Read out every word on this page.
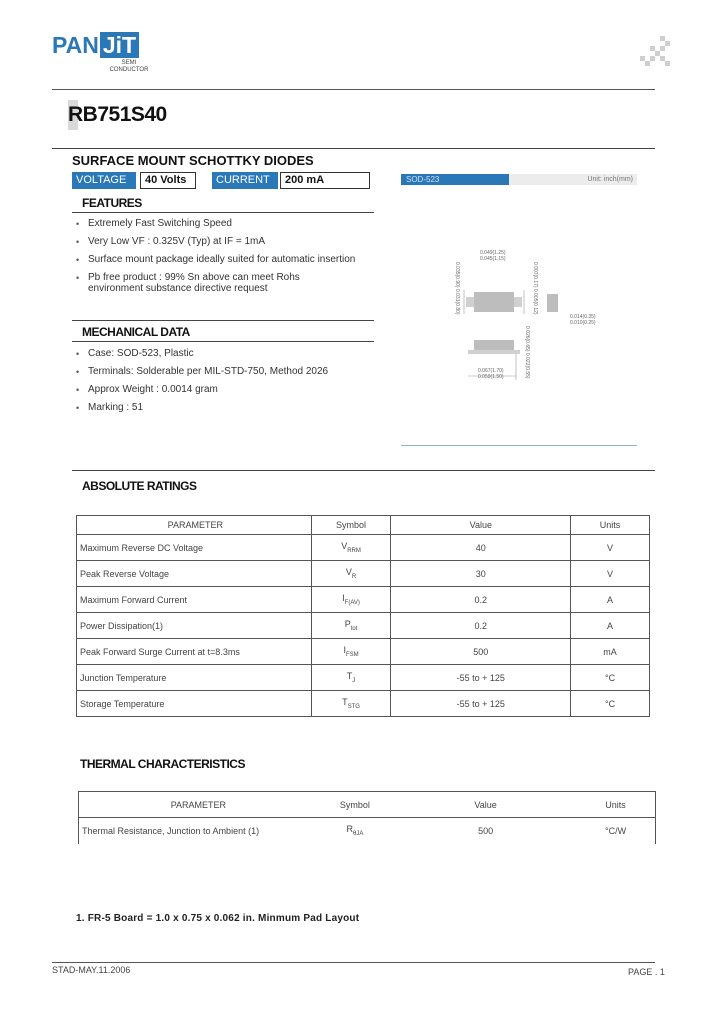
PAN JiT
SEMI
CONDUCTOR
RB751S40
SURFACE MOUNT SCHOTTKY DIODES
VOLTAGE	40 Volts	CURRENT	200 mA	SOD-523	Unit: inch(mm)
FEATURES
• Extremely Fast Switching Speed
• Very Low VF : 0.325V (Typ) at IF = 1mA
• Surface mount package ideally suited for automatic insertion
• Pb free product : 99% Sn above can meet Rohs
environment substance directive request
MECHANICAL DATA
• Case: SOD-523, Plastic
• Terminals: Solderable per MIL-STD-750, Method 2026
• Approx Weight : 0.0014 gram
• Marking : 51
0.049(1.25)
0.045(1.15)
0.035(0.90) 0.031(0.80)
0.007(0.17) 0.005(0.12)
0.014(0.35)
0.010(0.25)
0.026(0.65) 0.022(0.55)
0.067(1.70)
0.059(1.50)
ABSOLUTE RATINGS
PARAMETER	Symbol	Value	Units
Maximum Reverse DC Voltage	$V_{RRM}$	40	V
Peak Reverse Voltage	$V_R$	30	V
Maximum Forward Current	$I_{F(AV)}$	0.2	A
Power Dissipation(1)	$P_{tot}$	0.2	A
Peak Forward Surge Current at t=8.3ms	$I_{FSM}$	500	mA
Junction Temperature	$T_J$	-55 to + 125	°C
Storage Temperature	$T_{STG}$	-55 to + 125	°C
THERMAL CHARACTERISTICS
PARAMETER	Symbol	Value	Units
Thermal Resistance, Junction to Ambient (1)	$R_{\theta JA}$	500	°C/W
1. FR-5 Board = 1.0 x 0.75 x 0.062 in. Minmum Pad Layout
STAD-MAY.11.2006	PAGE . 1
